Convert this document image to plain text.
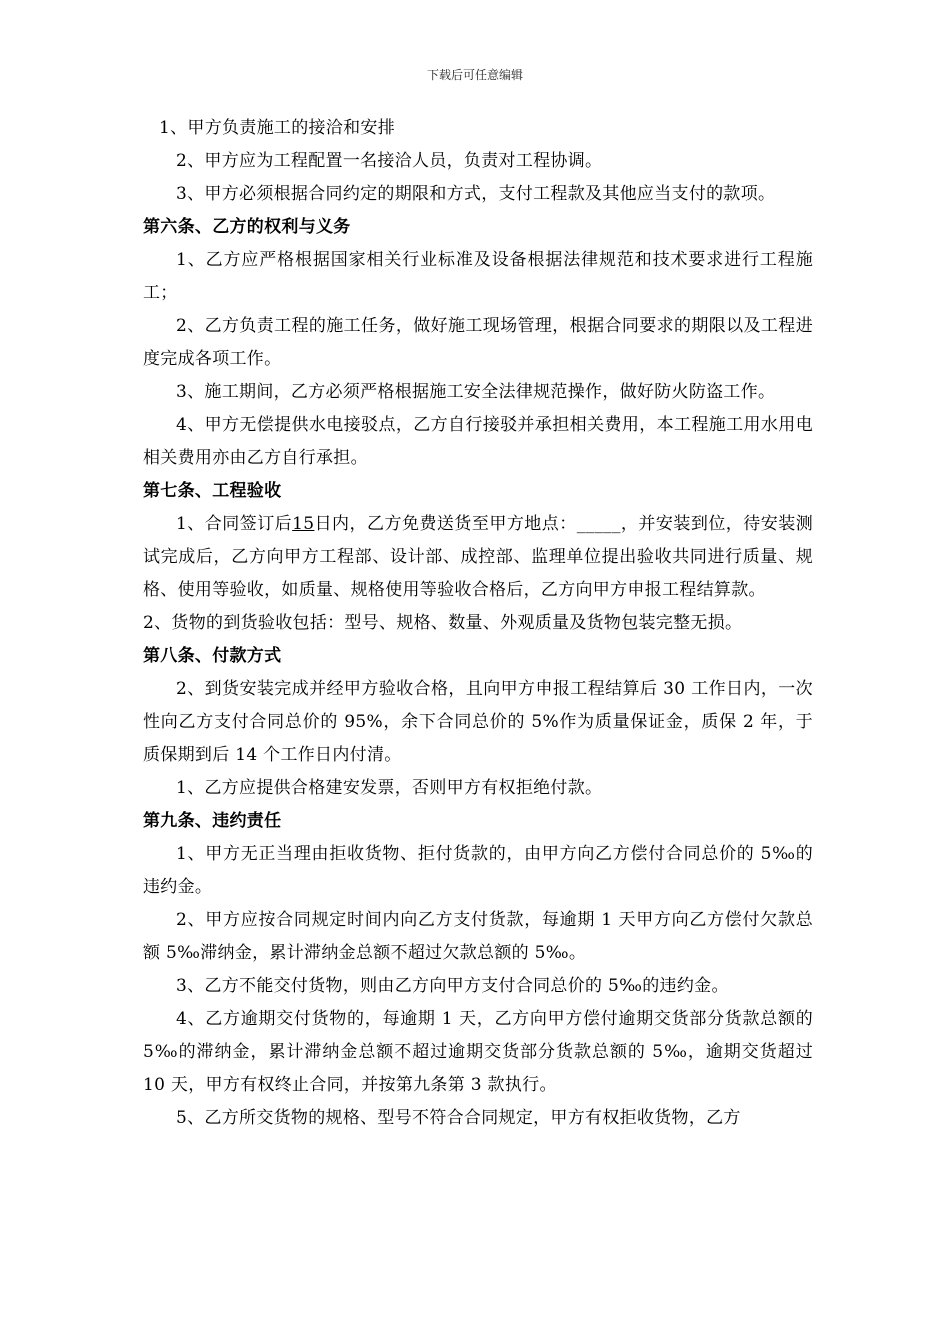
下载后可任意编辑

1、甲方负责施工的接洽和安排

2、甲方应为工程配置一名接洽人员，负责对工程协调。

3、甲方必须根据合同约定的期限和方式，支付工程款及其他应当支付的款项。

第六条、乙方的权利与义务

1、乙方应严格根据国家相关行业标准及设备根据法律规范和技术要求进行工程施工；

2、乙方负责工程的施工任务，做好施工现场管理，根据合同要求的期限以及工程进度完成各项工作。

3、施工期间，乙方必须严格根据施工安全法律规范操作，做好防火防盗工作。

4、甲方无偿提供水电接驳点，乙方自行接驳并承担相关费用，本工程施工用水用电相关费用亦由乙方自行承担。

第七条、工程验收

1、合同签订后15日内，乙方免费送货至甲方地点：_____，并安装到位，待安装测试完成后，乙方向甲方工程部、设计部、成控部、监理单位提出验收共同进行质量、规格、使用等验收，如质量、规格使用等验收合格后，乙方向甲方申报工程结算款。

2、货物的到货验收包括：型号、规格、数量、外观质量及货物包装完整无损。

第八条、付款方式

2、到货安装完成并经甲方验收合格，且向甲方申报工程结算后 30 工作日内，一次性向乙方支付合同总价的 95%，余下合同总价的 5%作为质量保证金，质保 2 年，于质保期到后 14 个工作日内付清。

1、乙方应提供合格建安发票，否则甲方有权拒绝付款。

第九条、违约责任

1、甲方无正当理由拒收货物、拒付货款的，由甲方向乙方偿付合同总价的 5‰的违约金。

2、甲方应按合同规定时间内向乙方支付货款，每逾期 1 天甲方向乙方偿付欠款总额 5‰滞纳金，累计滞纳金总额不超过欠款总额的 5‰。

3、乙方不能交付货物，则由乙方向甲方支付合同总价的 5‰的违约金。

4、乙方逾期交付货物的，每逾期 1 天，乙方向甲方偿付逾期交货部分货款总额的 5‰的滞纳金，累计滞纳金总额不超过逾期交货部分货款总额的 5‰，逾期交货超过 10 天，甲方有权终止合同，并按第九条第 3 款执行。

5、乙方所交货物的规格、型号不符合合同规定，甲方有权拒收货物，乙方
